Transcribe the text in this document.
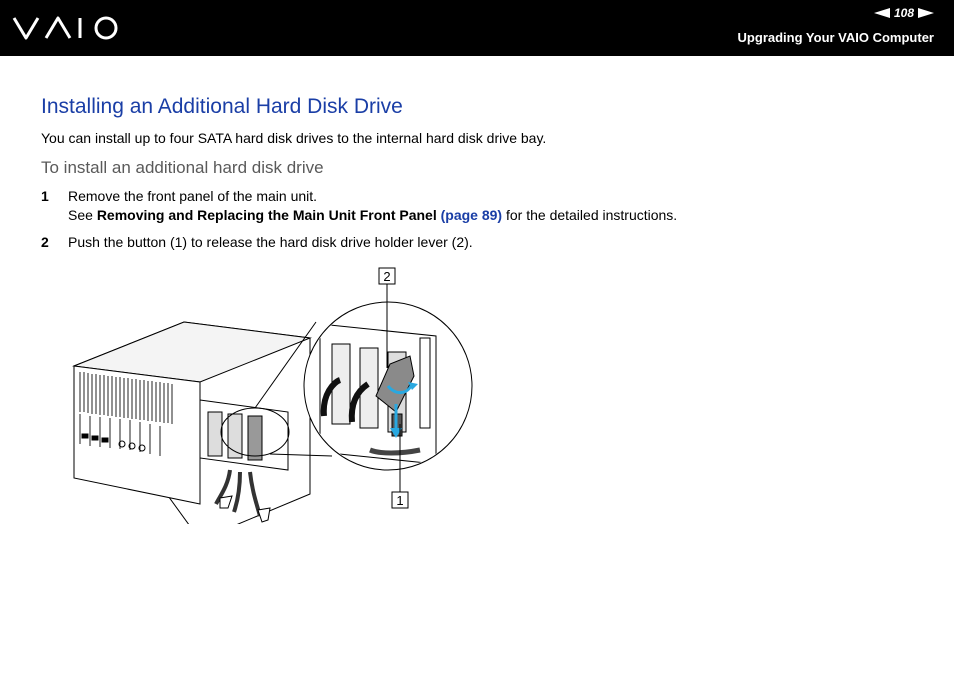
108
Upgrading Your VAIO Computer
Installing an Additional Hard Disk Drive

You can install up to four SATA hard disk drives to the internal hard disk drive bay.

To install an additional hard disk drive
1 Remove the front panel of the main unit.
See Removing and Replacing the Main Unit Front Panel (page 89) for the detailed instructions.
2 Push the button (1) to release the hard disk drive holder lever (2).
2
1
